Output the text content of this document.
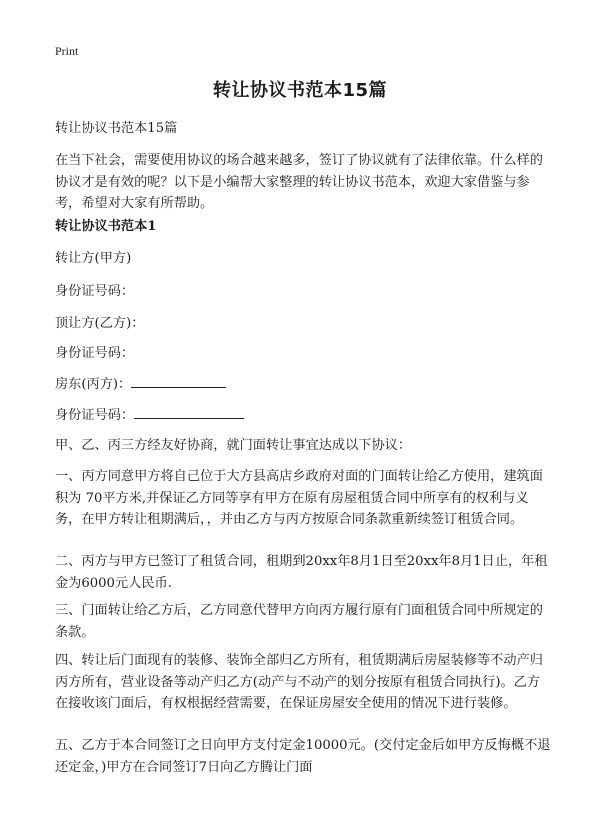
Print
转让协议书范本15篇

转让协议书范本15篇

在当下社会，需要使用协议的场合越来越多，签订了协议就有了法律依靠。什么样的协议才是有效的呢？以下是小编帮大家整理的转让协议书范本，欢迎大家借鉴与参考，希望对大家有所帮助。

转让协议书范本1

转让方(甲方)

身份证号码：

顶让方(乙方)：

身份证号码：

房东(丙方)：

身份证号码：

甲、乙、丙三方经友好协商，就门面转让事宜达成以下协议：

一、丙方同意甲方将自己位于大方县高店乡政府对面的门面转让给乙方使用，建筑面积为 70平方米,并保证乙方同等享有甲方在原有房屋租赁合同中所享有的权利与义务，在甲方转让租期满后，，并由乙方与丙方按原合同条款重新续签订租赁合同。

二、丙方与甲方已签订了租赁合同，租期到20xx年8月1日至20xx年8月1日止，年租金为6000元人民币.

三、门面转让给乙方后，乙方同意代替甲方向丙方履行原有门面租赁合同中所规定的条款。

四、转让后门面现有的装修、装饰全部归乙方所有，租赁期满后房屋装修等不动产归丙方所有，营业设备等动产归乙方(动产与不动产的划分按原有租赁合同执行)。乙方在接收该门面后，有权根据经营需要，在保证房屋安全使用的情况下进行装修。

五、乙方于本合同签订之日向甲方支付定金10000元。(交付定金后如甲方反悔概不退还定金，)甲方在合同签订7日向乙方腾让门面
